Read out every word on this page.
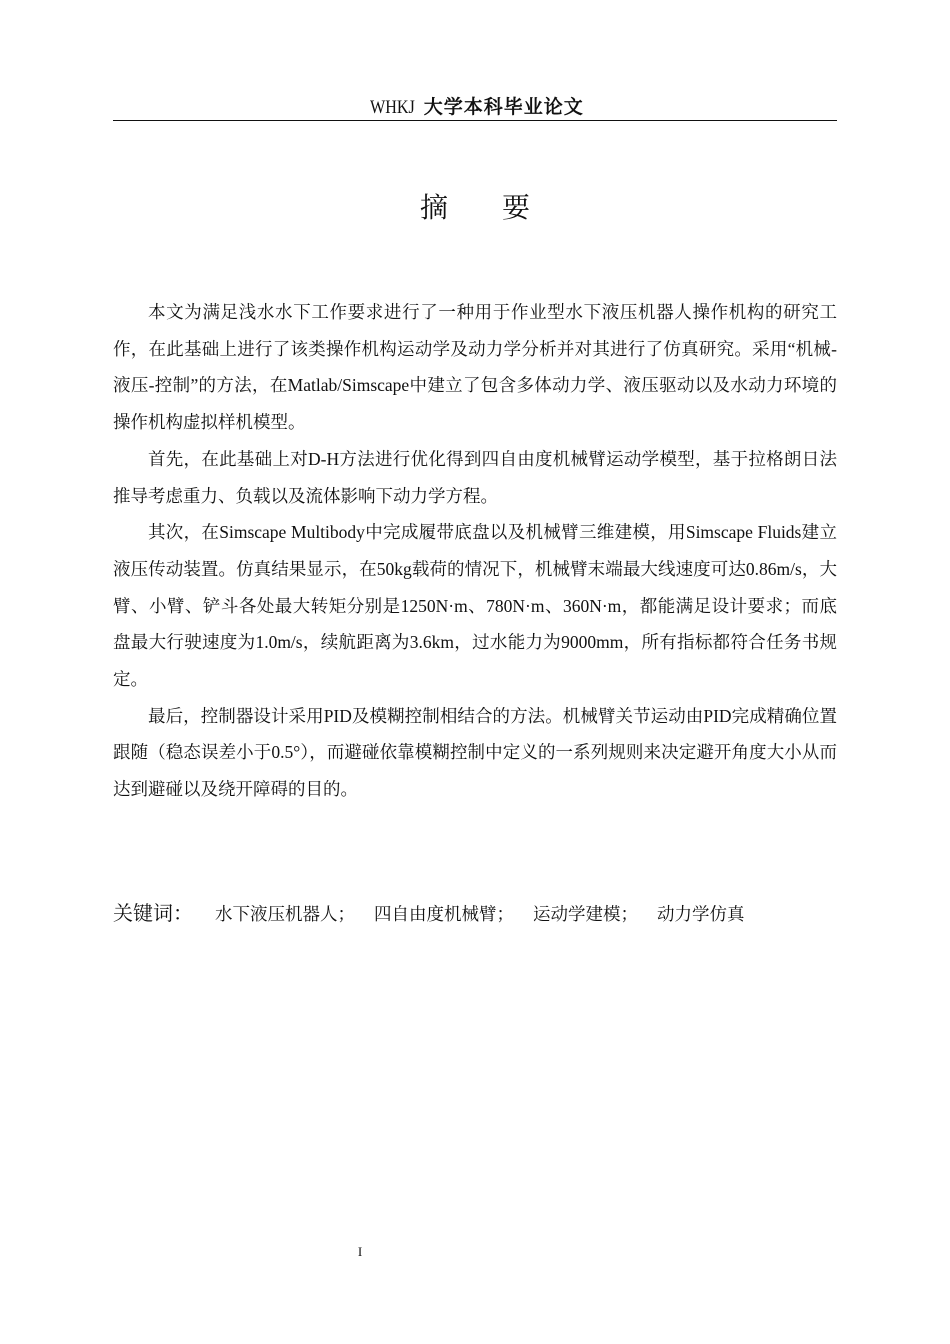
WHKJ 大学本科毕业论文
摘 要

本文为满足浅水水下工作要求进行了一种用于作业型水下液压机器人操作机构的研究工作，在此基础上进行了该类操作机构运动学及动力学分析并对其进行了仿真研究。采用“机械-液压-控制”的方法，在Matlab/Simscape中建立了包含多体动力学、液压驱动以及水动力环境的操作机构虚拟样机模型。

首先，在此基础上对D-H方法进行优化得到四自由度机械臂运动学模型，基于拉格朗日法推导考虑重力、负载以及流体影响下动力学方程。

其次，在Simscape Multibody中完成履带底盘以及机械臂三维建模，用Simscape Fluids建立液压传动装置。仿真结果显示，在50kg载荷的情况下，机械臂末端最大线速度可达0.86m/s，大臂、小臂、铲斗各处最大转矩分别是1250N·m、780N·m、360N·m，都能满足设计要求；而底盘最大行驶速度为1.0m/s，续航距离为3.6km，过水能力为9000mm，所有指标都符合任务书规定。

最后，控制器设计采用PID及模糊控制相结合的方法。机械臂关节运动由PID完成精确位置跟随（稳态误差小于0.5°），而避碰依靠模糊控制中定义的一系列规则来决定避开角度大小从而达到避碰以及绕开障碍的目的。

关键词： 水下液压机器人； 四自由度机械臂； 运动学建模； 动力学仿真
I
